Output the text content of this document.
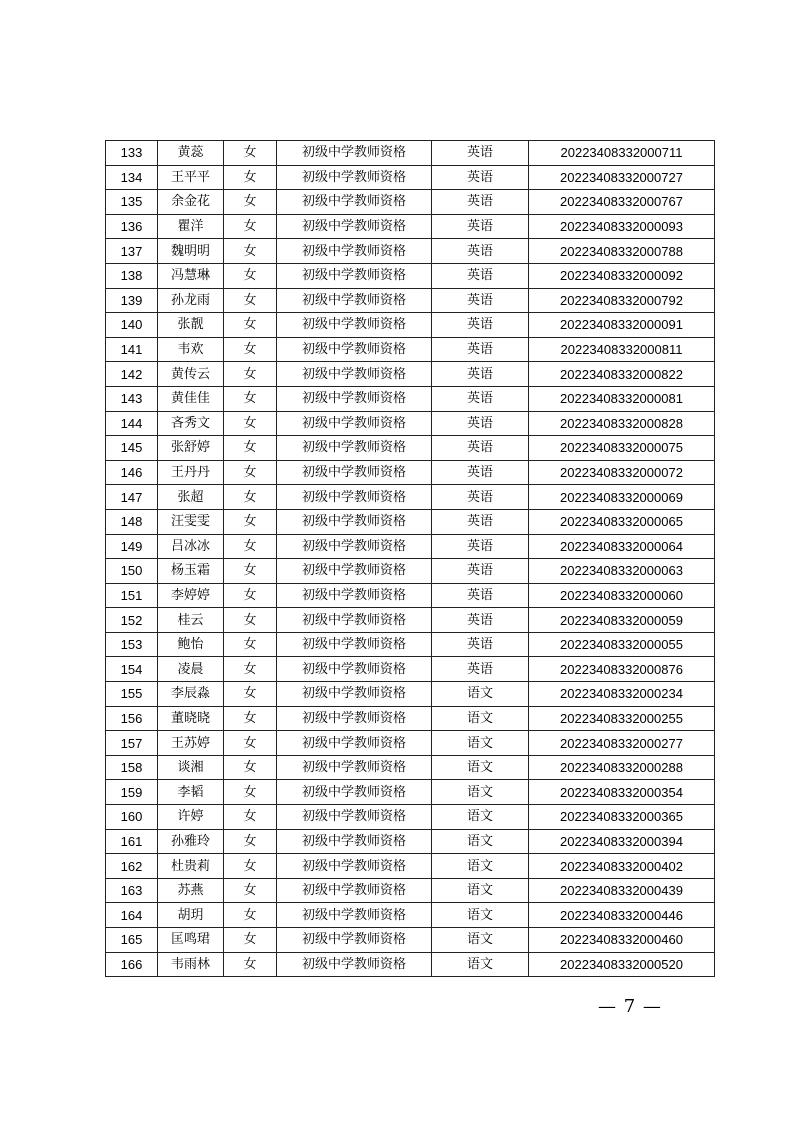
133	黄蕊	女	初级中学教师资格	英语	20223408332000711
134	王平平	女	初级中学教师资格	英语	20223408332000727
135	余金花	女	初级中学教师资格	英语	20223408332000767
136	瞿洋	女	初级中学教师资格	英语	20223408332000093
137	魏明明	女	初级中学教师资格	英语	20223408332000788
138	冯慧琳	女	初级中学教师资格	英语	20223408332000092
139	孙龙雨	女	初级中学教师资格	英语	20223408332000792
140	张靓	女	初级中学教师资格	英语	20223408332000091
141	韦欢	女	初级中学教师资格	英语	20223408332000811
142	黄传云	女	初级中学教师资格	英语	20223408332000822
143	黄佳佳	女	初级中学教师资格	英语	20223408332000081
144	吝秀文	女	初级中学教师资格	英语	20223408332000828
145	张舒婷	女	初级中学教师资格	英语	20223408332000075
146	王丹丹	女	初级中学教师资格	英语	20223408332000072
147	张超	女	初级中学教师资格	英语	20223408332000069
148	汪雯雯	女	初级中学教师资格	英语	20223408332000065
149	吕冰冰	女	初级中学教师资格	英语	20223408332000064
150	杨玉霜	女	初级中学教师资格	英语	20223408332000063
151	李婷婷	女	初级中学教师资格	英语	20223408332000060
152	桂云	女	初级中学教师资格	英语	20223408332000059
153	鲍怡	女	初级中学教师资格	英语	20223408332000055
154	凌晨	女	初级中学教师资格	英语	20223408332000876
155	李辰淼	女	初级中学教师资格	语文	20223408332000234
156	董晓晓	女	初级中学教师资格	语文	20223408332000255
157	王苏婷	女	初级中学教师资格	语文	20223408332000277
158	谈湘	女	初级中学教师资格	语文	20223408332000288
159	李韬	女	初级中学教师资格	语文	20223408332000354
160	许婷	女	初级中学教师资格	语文	20223408332000365
161	孙雅玲	女	初级中学教师资格	语文	20223408332000394
162	杜贵莉	女	初级中学教师资格	语文	20223408332000402
163	苏燕	女	初级中学教师资格	语文	20223408332000439
164	胡玥	女	初级中学教师资格	语文	20223408332000446
165	匡鸣珺	女	初级中学教师资格	语文	20223408332000460
166	韦雨林	女	初级中学教师资格	语文	20223408332000520
— 7 —
